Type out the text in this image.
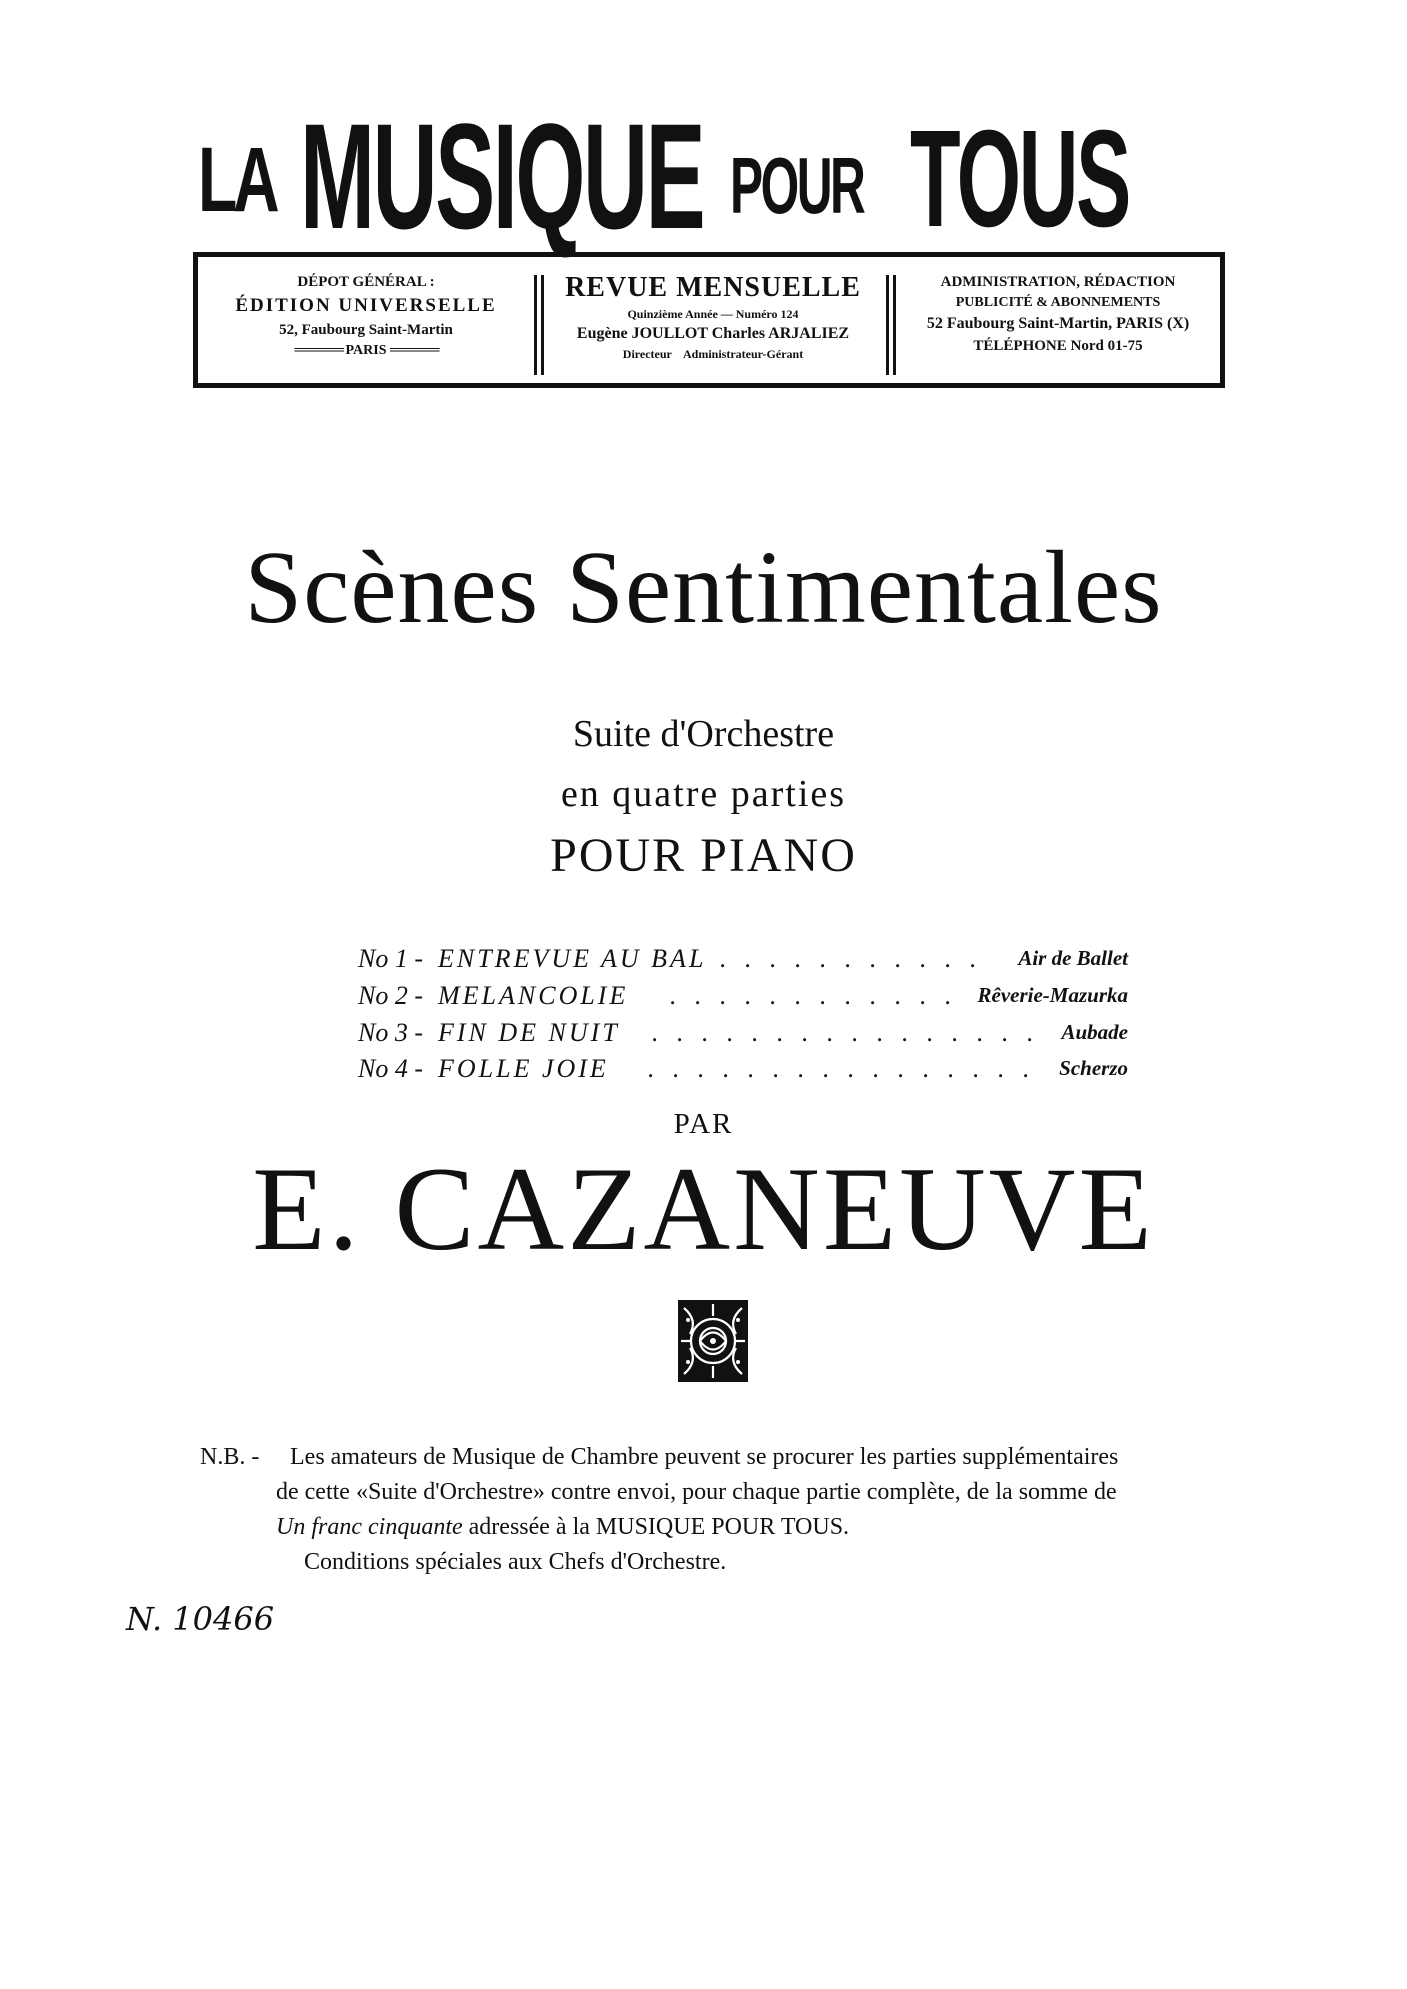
LA MUSIQUE POUR TOUS
DÉPOT GÉNÉRAL :
ÉDITION UNIVERSELLE
52, Faubourg Saint-Martin
══════ PARIS ══════
REVUE MENSUELLE
Quinzième Année — Numéro 124
Eugène JOULLOT Charles ARJALIEZ
Directeur    Administrateur-Gérant
ADMINISTRATION, RÉDACTION
PUBLICITÉ & ABONNEMENTS
52 Faubourg Saint-Martin, PARIS (X)
TÉLÉPHONE Nord 01-75
Scènes Sentimentales
Suite d'Orchestre
en quatre parties
POUR PIANO
No 1 - ENTREVUE AU BAL . . . . . . . . . . . Air de Ballet
No 2 - MELANCOLIE . . . . . . . . . . . . Rêverie-Mazurka
No 3 - FIN DE NUIT . . . . . . . . . . . . . . . . Aubade
No 4 - FOLLE JOIE . . . . . . . . . . . . . . . . Scherzo
PAR
E. CAZANEUVE
N.B. - Les amateurs de Musique de Chambre peuvent se procurer les parties supplémentaires
de cette «Suite d'Orchestre» contre envoi, pour chaque partie complète, de la somme de
Un franc cinquante adressée à la MUSIQUE POUR TOUS.
Conditions spéciales aux Chefs d'Orchestre.
N. 10466
